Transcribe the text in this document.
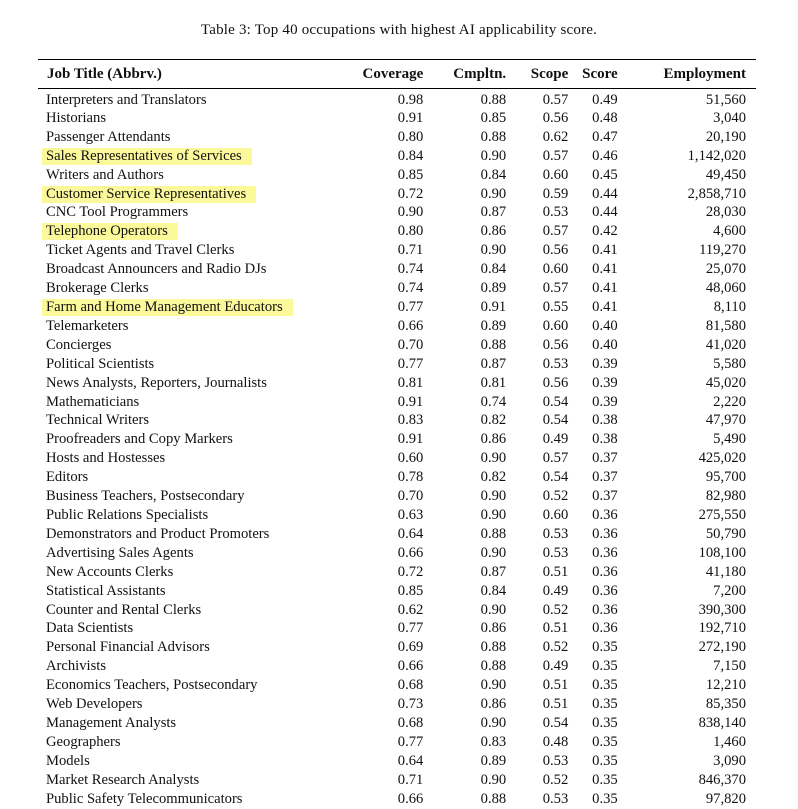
Table 3: Top 40 occupations with highest AI applicability score.
Job Title (Abbrv.)	Coverage	Cmpltn.	Scope	Score	Employment
Interpreters and Translators	0.98	0.88	0.57	0.49	51,560
Historians	0.91	0.85	0.56	0.48	3,040
Passenger Attendants	0.80	0.88	0.62	0.47	20,190
Sales Representatives of Services	0.84	0.90	0.57	0.46	1,142,020
Writers and Authors	0.85	0.84	0.60	0.45	49,450
Customer Service Representatives	0.72	0.90	0.59	0.44	2,858,710
CNC Tool Programmers	0.90	0.87	0.53	0.44	28,030
Telephone Operators	0.80	0.86	0.57	0.42	4,600
Ticket Agents and Travel Clerks	0.71	0.90	0.56	0.41	119,270
Broadcast Announcers and Radio DJs	0.74	0.84	0.60	0.41	25,070
Brokerage Clerks	0.74	0.89	0.57	0.41	48,060
Farm and Home Management Educators	0.77	0.91	0.55	0.41	8,110
Telemarketers	0.66	0.89	0.60	0.40	81,580
Concierges	0.70	0.88	0.56	0.40	41,020
Political Scientists	0.77	0.87	0.53	0.39	5,580
News Analysts, Reporters, Journalists	0.81	0.81	0.56	0.39	45,020
Mathematicians	0.91	0.74	0.54	0.39	2,220
Technical Writers	0.83	0.82	0.54	0.38	47,970
Proofreaders and Copy Markers	0.91	0.86	0.49	0.38	5,490
Hosts and Hostesses	0.60	0.90	0.57	0.37	425,020
Editors	0.78	0.82	0.54	0.37	95,700
Business Teachers, Postsecondary	0.70	0.90	0.52	0.37	82,980
Public Relations Specialists	0.63	0.90	0.60	0.36	275,550
Demonstrators and Product Promoters	0.64	0.88	0.53	0.36	50,790
Advertising Sales Agents	0.66	0.90	0.53	0.36	108,100
New Accounts Clerks	0.72	0.87	0.51	0.36	41,180
Statistical Assistants	0.85	0.84	0.49	0.36	7,200
Counter and Rental Clerks	0.62	0.90	0.52	0.36	390,300
Data Scientists	0.77	0.86	0.51	0.36	192,710
Personal Financial Advisors	0.69	0.88	0.52	0.35	272,190
Archivists	0.66	0.88	0.49	0.35	7,150
Economics Teachers, Postsecondary	0.68	0.90	0.51	0.35	12,210
Web Developers	0.73	0.86	0.51	0.35	85,350
Management Analysts	0.68	0.90	0.54	0.35	838,140
Geographers	0.77	0.83	0.48	0.35	1,460
Models	0.64	0.89	0.53	0.35	3,090
Market Research Analysts	0.71	0.90	0.52	0.35	846,370
Public Safety Telecommunicators	0.66	0.88	0.53	0.35	97,820
